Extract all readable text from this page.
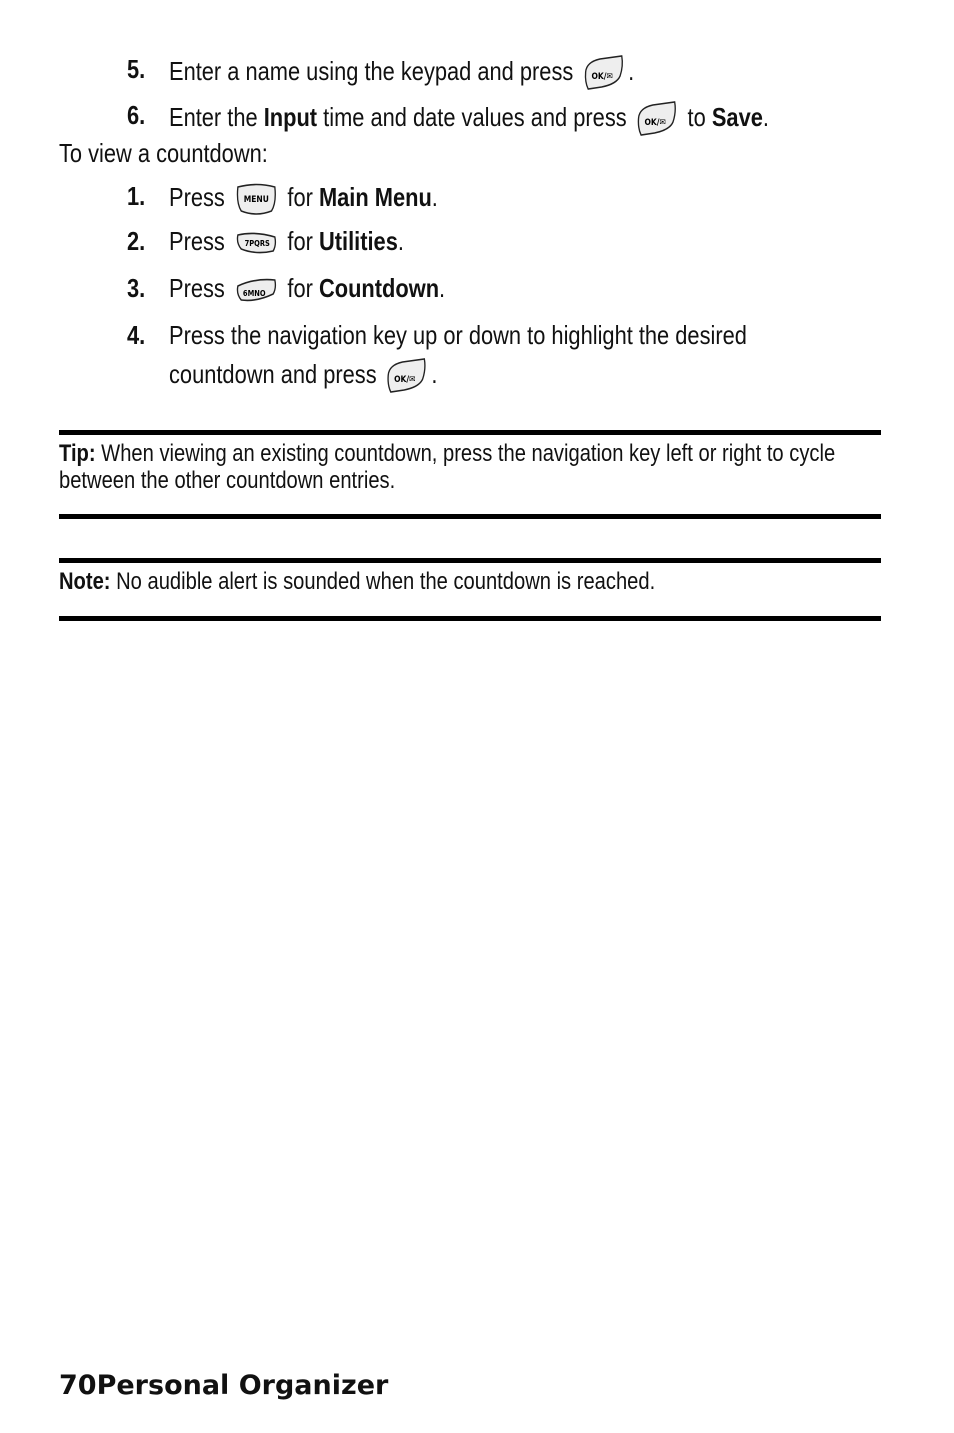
5. Enter a name using the keypad and press OK/✉ .
6. Enter the Input time and date values and press OK/✉ to Save.
To view a countdown:
1. Press MENU for Main Menu.
2. Press 7PQRS for Utilities.
3. Press 6MNO for Countdown.
4. Press the navigation key up or down to highlight the desired
countdown and press OK/✉ .
Tip: When viewing an existing countdown, press the navigation key left or right to cycle between the other countdown entries.
Note: No audible alert is sounded when the countdown is reached.
70Personal Organizer
